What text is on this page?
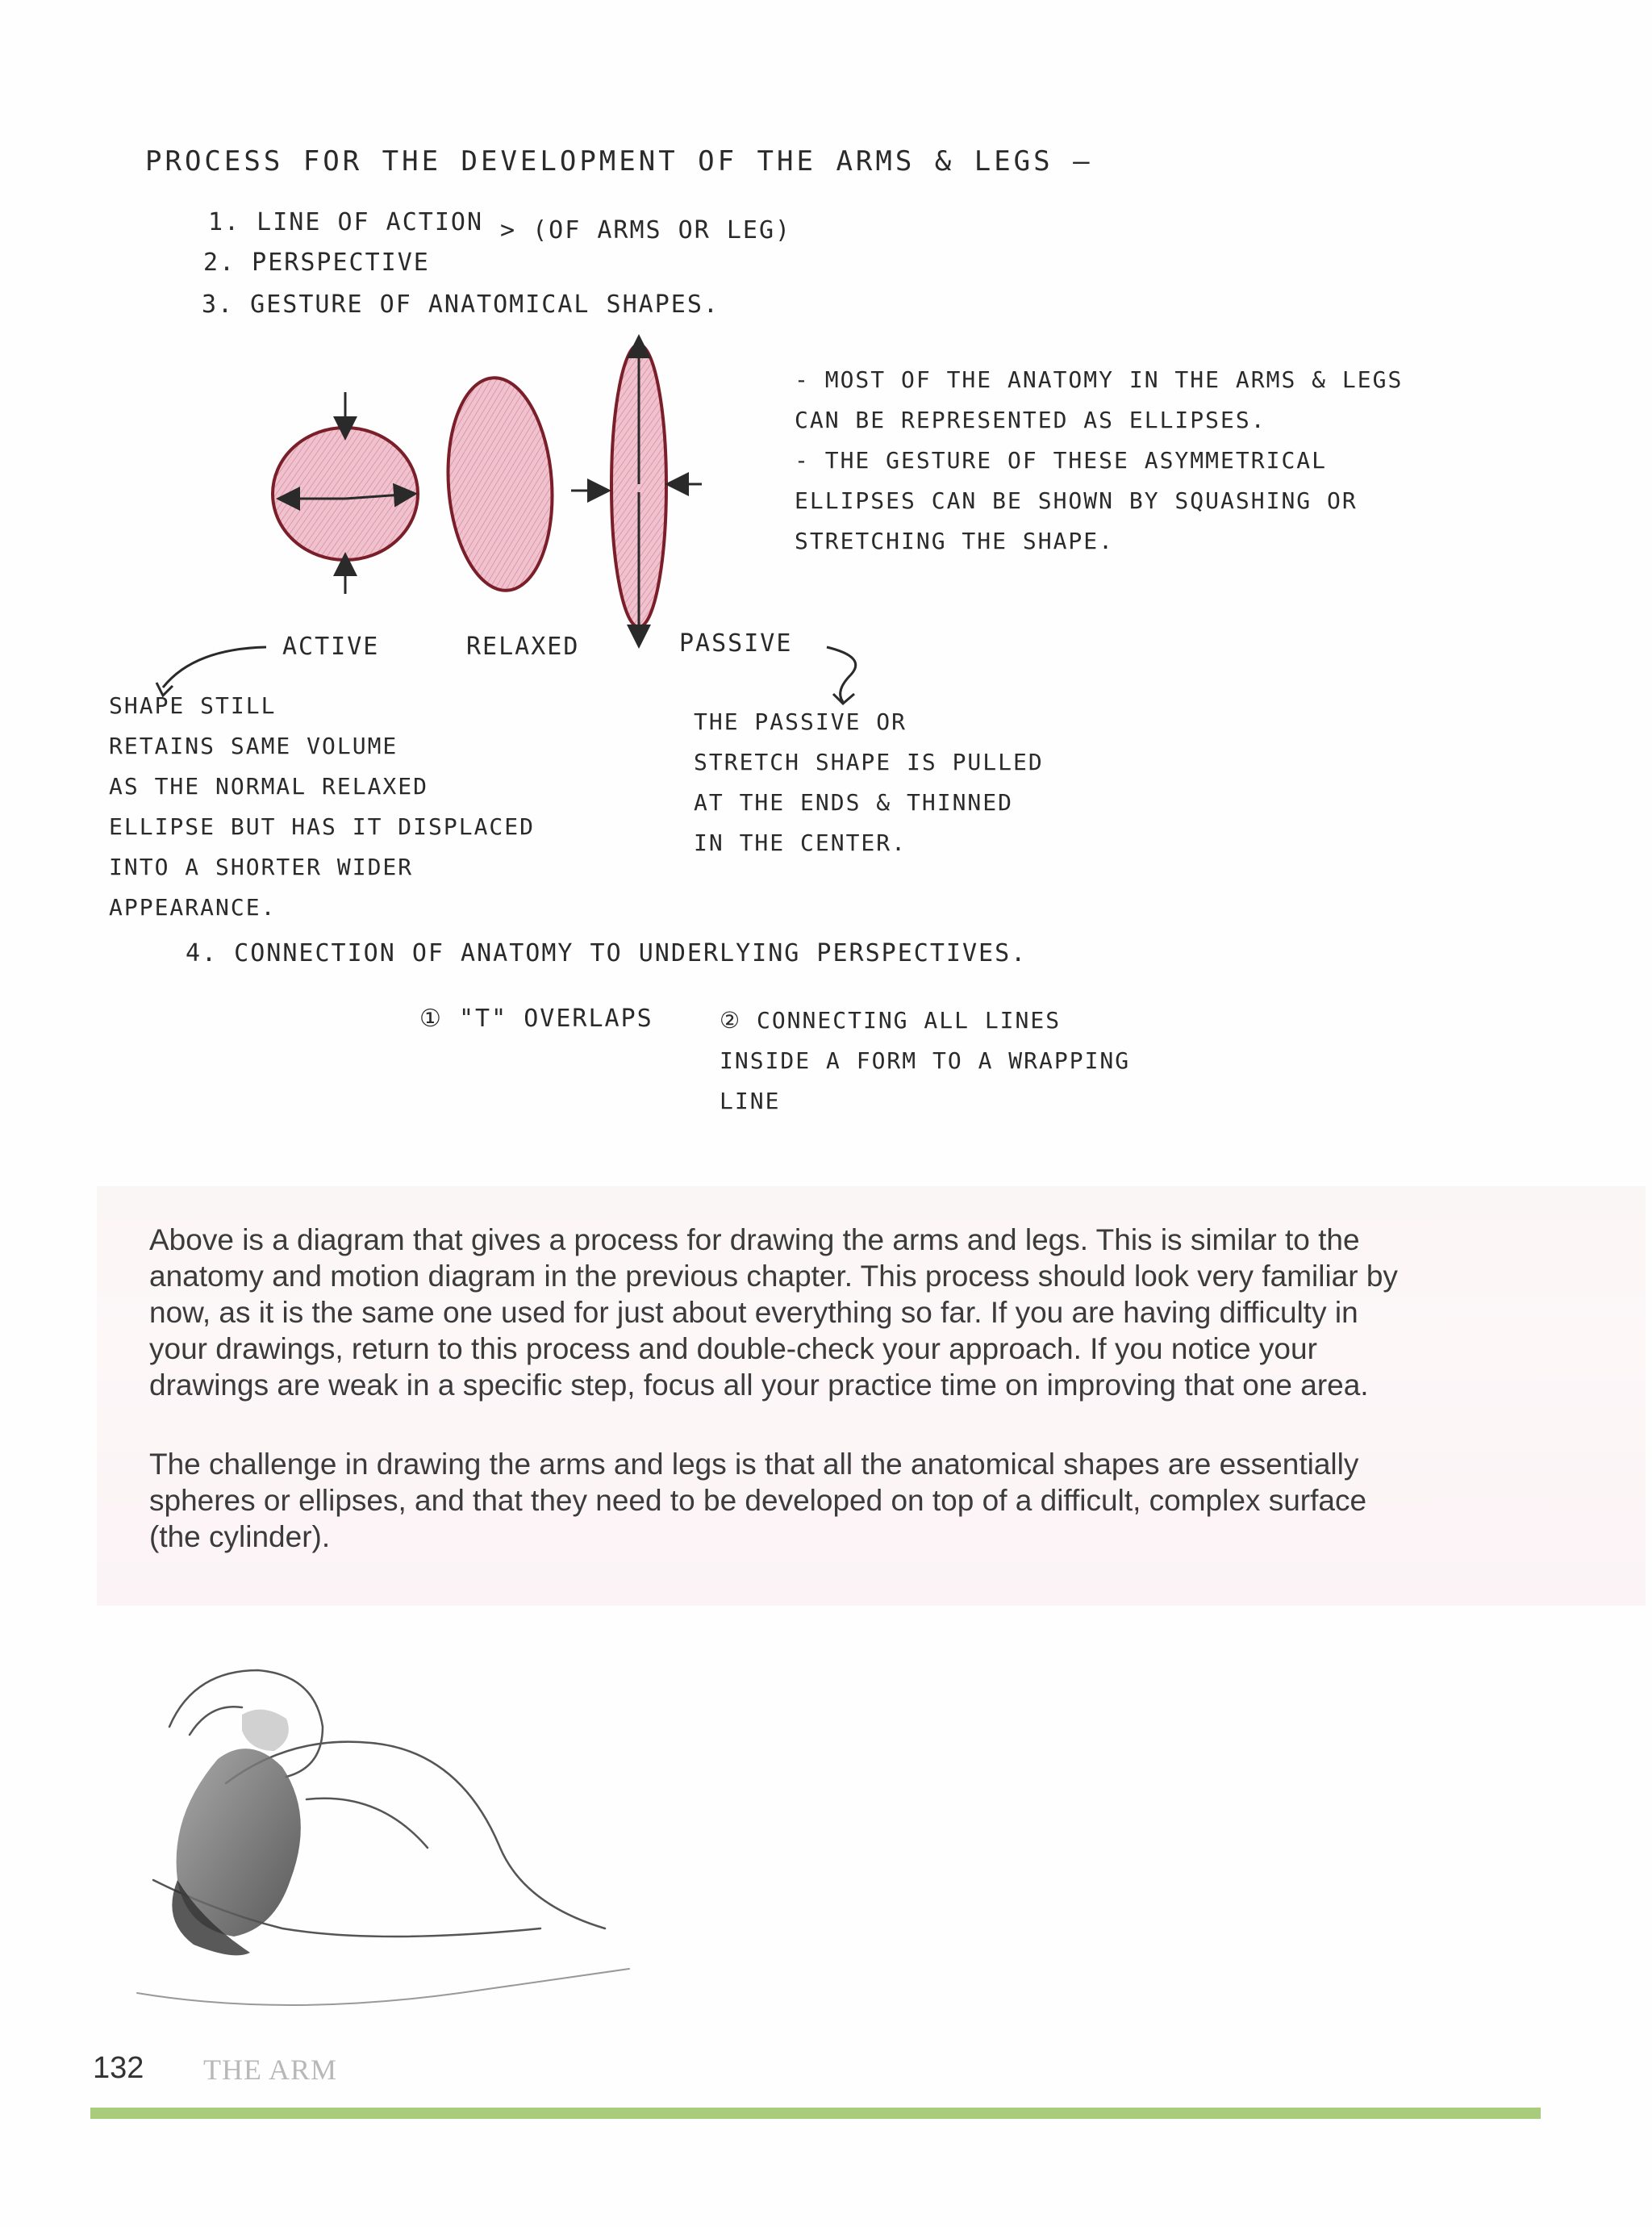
PROCESS FOR THE DEVELOPMENT OF THE ARMS & LEGS —
1. LINE OF ACTION > (OF ARMS OR LEG)
2. PERSPECTIVE
3. GESTURE OF ANATOMICAL SHAPES.
- MOST OF THE ANATOMY IN THE ARMS & LEGS
CAN BE REPRESENTED AS ELLIPSES.
- THE GESTURE OF THESE ASYMMETRICAL
ELLIPSES CAN BE SHOWN BY SQUASHING OR
STRETCHING THE SHAPE.
ACTIVE	RELAXED	PASSIVE
SHAPE STILL
RETAINS SAME VOLUME
AS THE NORMAL RELAXED
ELLIPSE BUT HAS IT DISPLACED
INTO A SHORTER WIDER
APPEARANCE.
THE PASSIVE OR
STRETCH SHAPE IS PULLED
AT THE ENDS & THINNED
IN THE CENTER.
4. CONNECTION OF ANATOMY TO UNDERLYING PERSPECTIVES.
① "T" OVERLAPS	② CONNECTING ALL LINES
INSIDE A FORM TO A WRAPPING
LINE

Above is a diagram that gives a process for drawing the arms and legs. This is similar to the anatomy and motion diagram in the previous chapter. This process should look very familiar by now, as it is the same one used for just about everything so far. If you are having difficulty in your drawings, return to this process and double-check your approach. If you notice your drawings are weak in a specific step, focus all your practice time on improving that one area.

The challenge in drawing the arms and legs is that all the anatomical shapes are essentially spheres or ellipses, and that they need to be developed on top of a difficult, complex surface (the cylinder).

132 THE ARM
